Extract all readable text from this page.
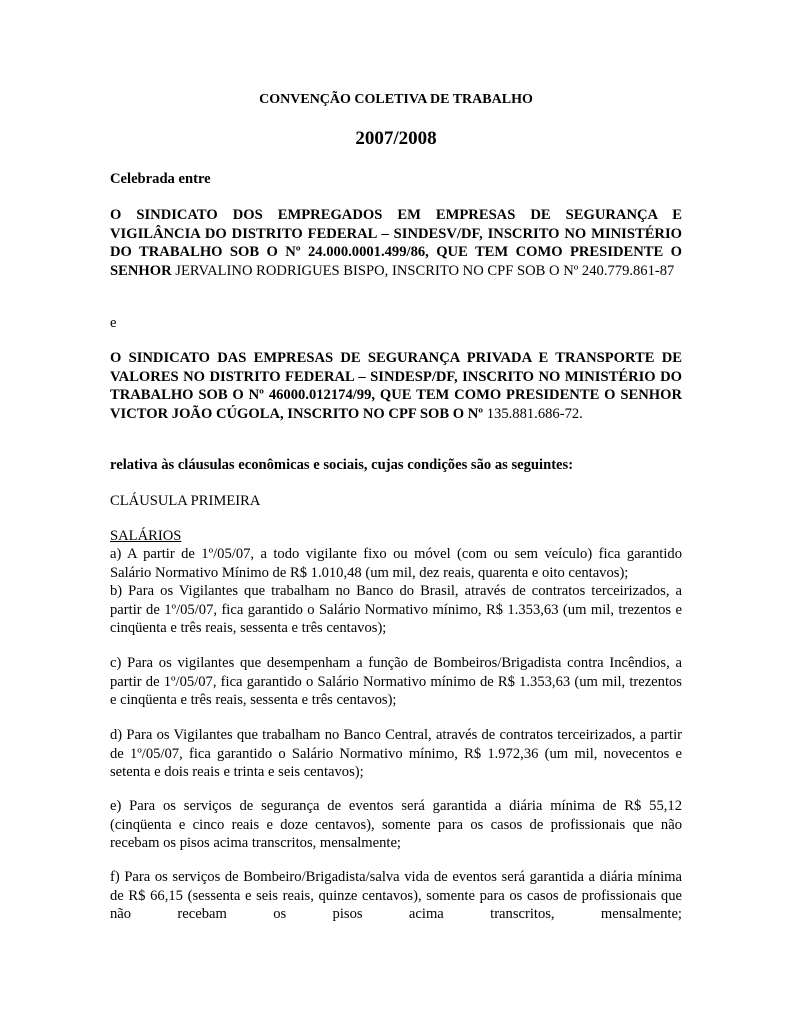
CONVENÇÃO COLETIVA DE TRABALHO
2007/2008
Celebrada entre
O SINDICATO DOS EMPREGADOS EM EMPRESAS DE SEGURANÇA E VIGILÂNCIA DO DISTRITO FEDERAL – SINDESV/DF, INSCRITO NO MINISTÉRIO DO TRABALHO SOB O Nº 24.000.0001.499/86, QUE TEM COMO PRESIDENTE O SENHOR JERVALINO RODRIGUES BISPO, INSCRITO NO CPF SOB O Nº 240.779.861-87
e
O SINDICATO DAS EMPRESAS DE SEGURANÇA PRIVADA E TRANSPORTE DE VALORES NO DISTRITO FEDERAL – SINDESP/DF, INSCRITO NO MINISTÉRIO DO TRABALHO SOB O Nº 46000.012174/99, QUE TEM COMO PRESIDENTE O SENHOR VICTOR JOÃO CÚGOLA, INSCRITO NO CPF SOB O Nº 135.881.686-72.
relativa às cláusulas econômicas e sociais, cujas condições são as seguintes:
CLÁUSULA PRIMEIRA
SALÁRIOS
a) A partir de 1º/05/07, a todo vigilante fixo ou móvel (com ou sem veículo) fica garantido Salário Normativo Mínimo de R$ 1.010,48 (um mil, dez reais, quarenta e oito centavos);
b) Para os Vigilantes que trabalham no Banco do Brasil, através de contratos terceirizados, a partir de 1º/05/07, fica garantido o Salário Normativo mínimo, R$ 1.353,63 (um mil, trezentos e cinqüenta e três reais, sessenta e três centavos);
c) Para os vigilantes que desempenham a função de Bombeiros/Brigadista contra Incêndios, a partir de 1º/05/07, fica garantido o Salário Normativo mínimo de R$ 1.353,63 (um mil, trezentos e cinqüenta e três reais, sessenta e três centavos);
d) Para os Vigilantes que trabalham no Banco Central, através de contratos terceirizados, a partir de 1º/05/07, fica garantido o Salário Normativo mínimo, R$ 1.972,36 (um mil, novecentos e setenta e dois reais e trinta e seis centavos);
e) Para os serviços de segurança de eventos será garantida a diária mínima de R$ 55,12 (cinqüenta e cinco reais e doze centavos), somente para os casos de profissionais que não recebam os pisos acima transcritos, mensalmente;
f) Para os serviços de Bombeiro/Brigadista/salva vida de eventos será garantida a diária mínima de R$ 66,15 (sessenta e seis reais, quinze centavos), somente para os casos de profissionais que não recebam os pisos acima transcritos, mensalmente;
